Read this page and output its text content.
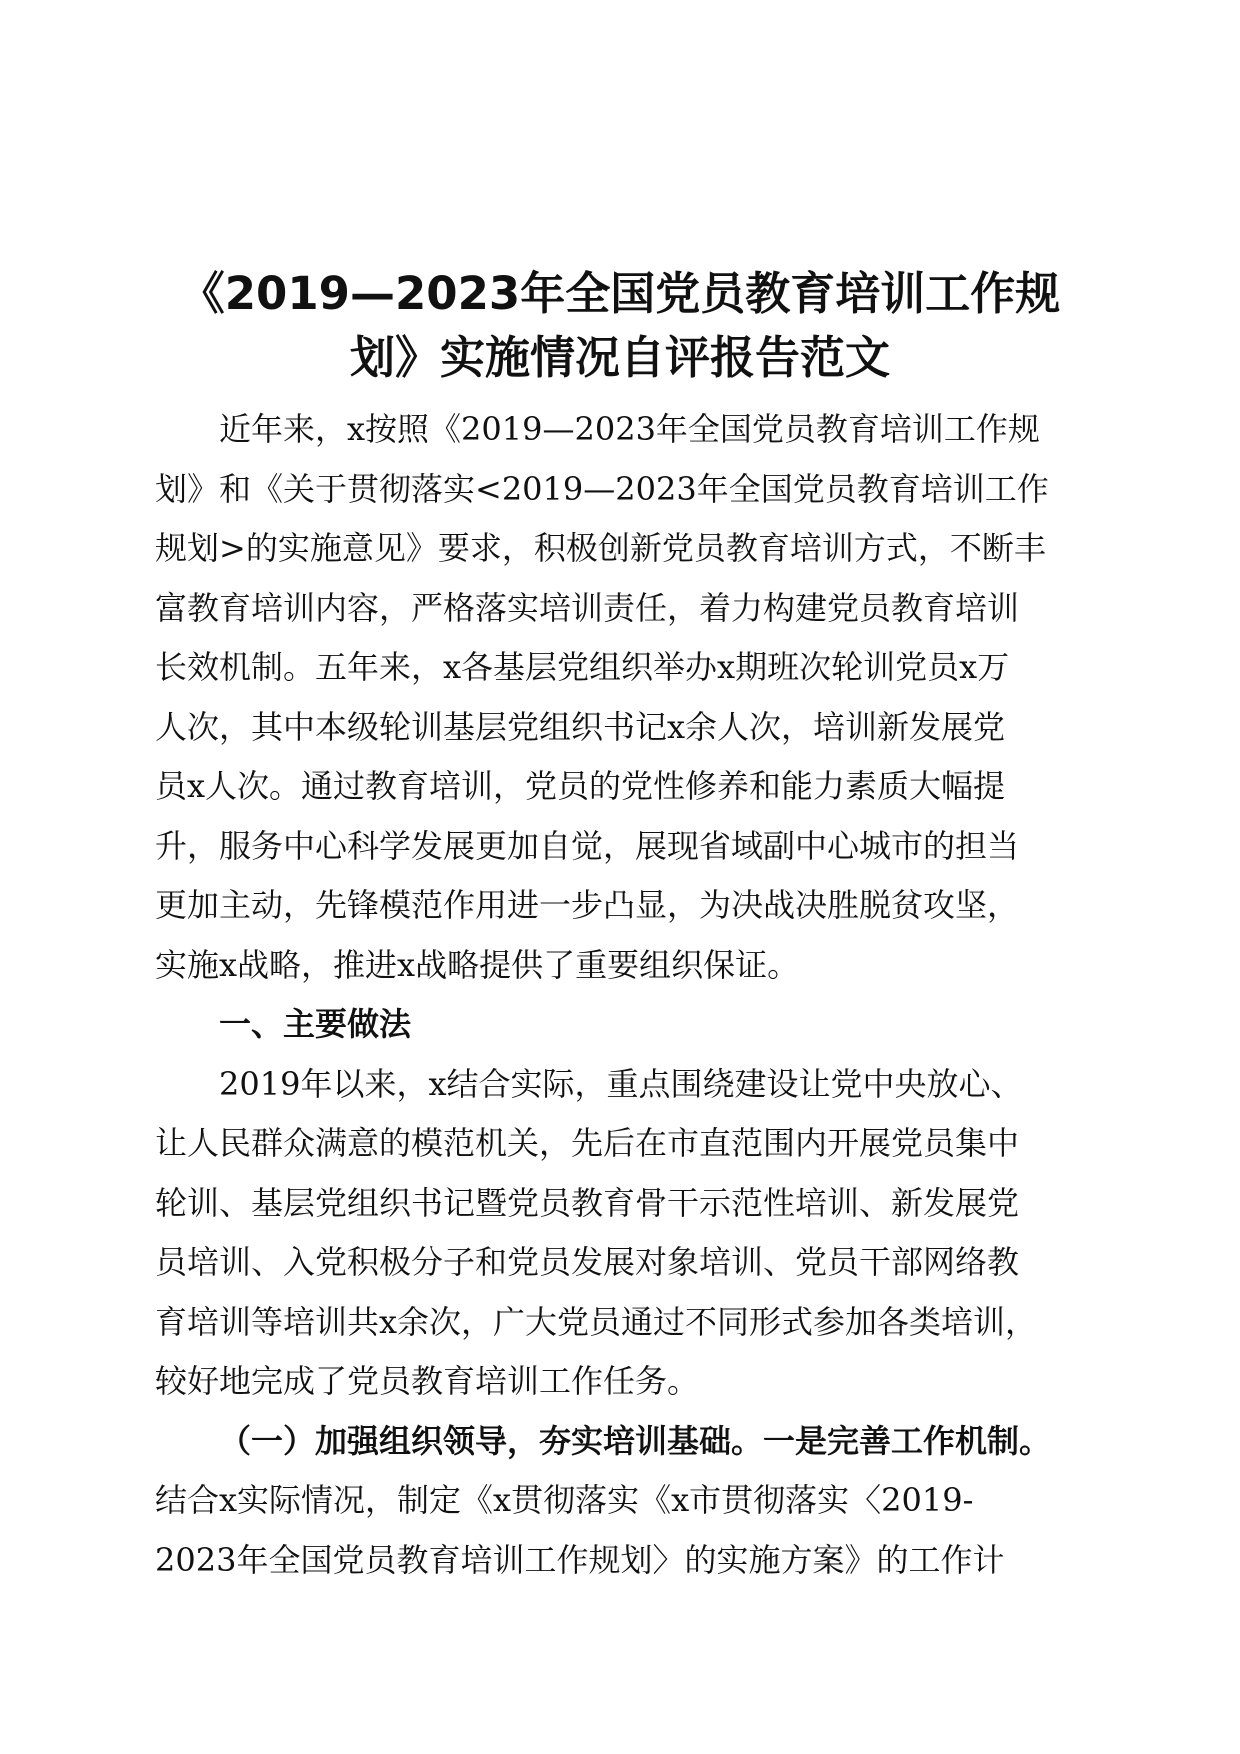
《2019—2023年全国党员教育培训工作规
划》实施情况自评报告范文
近年来，x按照《2019—2023年全国党员教育培训工作规
划》和《关于贯彻落实<2019—2023年全国党员教育培训工作
规划>的实施意见》要求，积极创新党员教育培训方式，不断丰
富教育培训内容，严格落实培训责任，着力构建党员教育培训
长效机制。五年来，x各基层党组织举办x期班次轮训党员x万
人次，其中本级轮训基层党组织书记x余人次，培训新发展党
员x人次。通过教育培训，党员的党性修养和能力素质大幅提
升，服务中心科学发展更加自觉，展现省域副中心城市的担当
更加主动，先锋模范作用进一步凸显，为决战决胜脱贫攻坚，
实施x战略，推进x战略提供了重要组织保证。
一、主要做法
2019年以来，x结合实际，重点围绕建设让党中央放心、
让人民群众满意的模范机关，先后在市直范围内开展党员集中
轮训、基层党组织书记暨党员教育骨干示范性培训、新发展党
员培训、入党积极分子和党员发展对象培训、党员干部网络教
育培训等培训共x余次，广大党员通过不同形式参加各类培训，
较好地完成了党员教育培训工作任务。
（一）加强组织领导，夯实培训基础。一是完善工作机制。
结合x实际情况，制定《x贯彻落实《x市贯彻落实〈2019-
2023年全国党员教育培训工作规划〉的实施方案》的工作计
